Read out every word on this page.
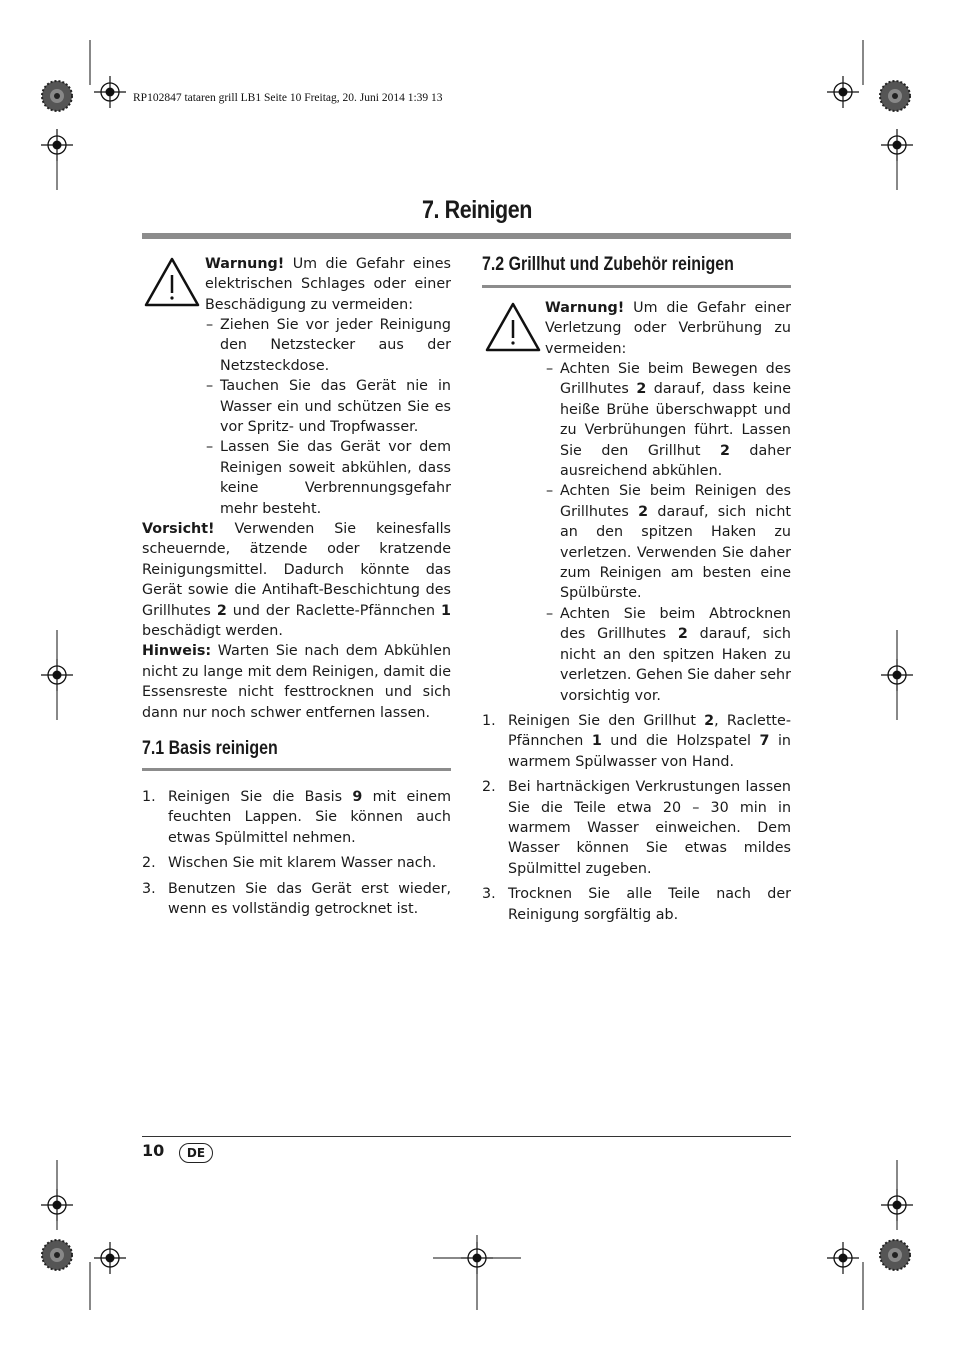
RP102847 tataren grill LB1 Seite 10 Freitag, 20. Juni 2014 1:39 13
7. Reinigen

Warnung! Um die Gefahr eines elektrischen Schlages oder einer Beschädigung zu vermeiden:

– Ziehen Sie vor jeder Reinigung den Netzstecker aus der Netzsteckdose.

– Tauchen Sie das Gerät nie in Wasser ein und schützen Sie es vor Spritz- und Tropfwasser.

– Lassen Sie das Gerät vor dem Reinigen soweit abkühlen, dass keine Verbrennungsgefahr mehr besteht.

Vorsicht! Verwenden Sie keinesfalls scheuernde, ätzende oder kratzende Reinigungsmittel. Dadurch könnte das Gerät sowie die Antihaft-Beschichtung des Grillhutes 2 und der Raclette-Pfännchen 1 beschädigt werden.

Hinweis: Warten Sie nach dem Abkühlen nicht zu lange mit dem Reinigen, damit die Essensreste nicht festtrocknen und sich dann nur noch schwer entfernen lassen.

7.1 Basis reinigen

1. Reinigen Sie die Basis 9 mit einem feuchten Lappen. Sie können auch etwas Spülmittel nehmen.

2. Wischen Sie mit klarem Wasser nach.

3. Benutzen Sie das Gerät erst wieder, wenn es vollständig getrocknet ist.

7.2 Grillhut und Zubehör reinigen

Warnung! Um die Gefahr einer Verletzung oder Verbrühung zu vermeiden:

– Achten Sie beim Bewegen des Grillhutes 2 darauf, dass keine heiße Brühe überschwappt und zu Verbrühungen führt. Lassen Sie den Grillhut 2 daher ausreichend abkühlen.

– Achten Sie beim Reinigen des Grillhutes 2 darauf, sich nicht an den spitzen Haken zu verletzen. Verwenden Sie daher zum Reinigen am besten eine Spülbürste.

– Achten Sie beim Abtrocknen des Grillhutes 2 darauf, sich nicht an den spitzen Haken zu verletzen. Gehen Sie daher sehr vorsichtig vor.

1. Reinigen Sie den Grillhut 2, Raclette-Pfännchen 1 und die Holzspatel 7 in warmem Spülwasser von Hand.

2. Bei hartnäckigen Verkrustungen lassen Sie die Teile etwa 20 – 30 min in warmem Wasser einweichen. Dem Wasser können Sie etwas mildes Spülmittel zugeben.

3. Trocknen Sie alle Teile nach der Reinigung sorgfältig ab.

10	DE
